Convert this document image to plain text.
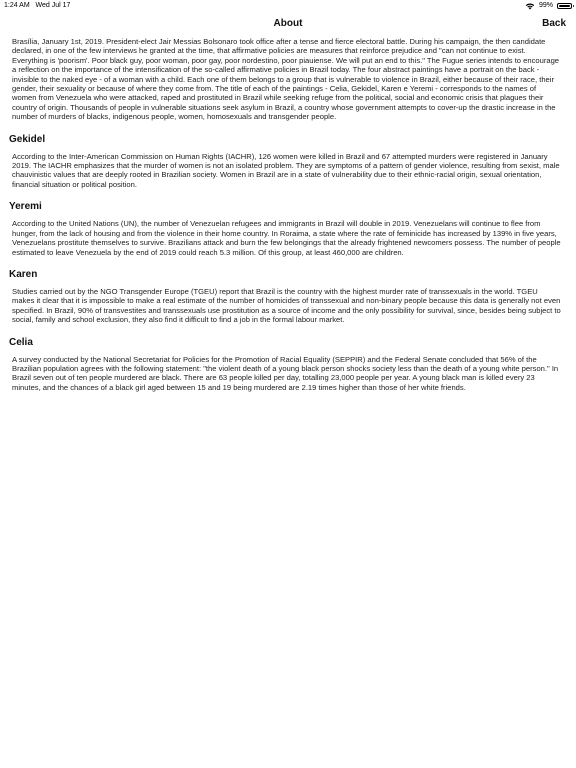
1:24 AM Wed Jul 17	99%
About	Back

Brasília, January 1st, 2019. President-elect Jair Messias Bolsonaro took office after a tense and fierce electoral battle. During his campaign, the then candidate declared, in one of the few interviews he granted at the time, that affirmative policies are measures that reinforce prejudice and "can not continue to exist. Everything is 'poorism'. Poor black guy, poor woman, poor gay, poor nordestino, poor piauiense. We will put an end to this." The Fugue series intends to encourage a reflection on the importance of the intensification of the so-called affirmative policies in Brazil today. The four abstract paintings have a portrait on the back - invisible to the naked eye - of a woman with a child. Each one of them belongs to a group that is vulnerable to violence in Brazil, either because of their race, their gender, their sexuality or because of where they come from. The title of each of the paintings - Celia, Gekidel, Karen e Yeremi - corresponds to the names of women from Venezuela who were attacked, raped and prostituted in Brazil while seeking refuge from the political, social and economic crisis that plagues their country of origin. Thousands of people in vulnerable situations seek asylum in Brazil, a country whose government attempts to cover-up the drastic increase in the number of murders of blacks, indigenous people, women, homosexuals and transgender people.

Gekidel

According to the Inter-American Commission on Human Rights (IACHR), 126 women were killed in Brazil and 67 attempted murders were registered in January 2019. The IACHR emphasizes that the murder of women is not an isolated problem. They are symptoms of a pattern of gender violence, resulting from sexist, male chauvinistic values that are deeply rooted in Brazilian society. Women in Brazil are in a state of vulnerability due to their ethnic-racial origin, sexual orientation, financial situation or political position.

Yeremi

According to the United Nations (UN), the number of Venezuelan refugees and immigrants in Brazil will double in 2019. Venezuelans will continue to flee from hunger, from the lack of housing and from the violence in their home country. In Roraima, a state where the rate of feminicide has increased by 139% in five years, Venezuelans prostitute themselves to survive. Brazilians attack and burn the few belongings that the already frightened newcomers possess. The number of people estimated to leave Venezuela by the end of 2019 could reach 5.3 million. Of this group, at least 460,000 are children.

Karen

Studies carried out by the NGO Transgender Europe (TGEU) report that Brazil is the country with the highest murder rate of transsexuals in the world. TGEU makes it clear that it is impossible to make a real estimate of the number of homicides of transsexual and non-binary people because this data is generally not even specified. In Brazil, 90% of transvestites and transsexuals use prostitution as a source of income and the only possibility for survival, since, besides being subject to social, family and school exclusion, they also find it difficult to find a job in the formal labour market.

Celia

A survey conducted by the National Secretariat for Policies for the Promotion of Racial Equality (SEPPIR) and the Federal Senate concluded that 56% of the Brazilian population agrees with the following statement: "the violent death of a young black person shocks society less than the death of a young white person." In Brazil seven out of ten people murdered are black. There are 63 people killed per day, totalling 23,000 people per year. A young black man is killed every 23 minutes, and the chances of a black girl aged between 15 and 19 being murdered are 2.19 times higher than those of her white friends.
